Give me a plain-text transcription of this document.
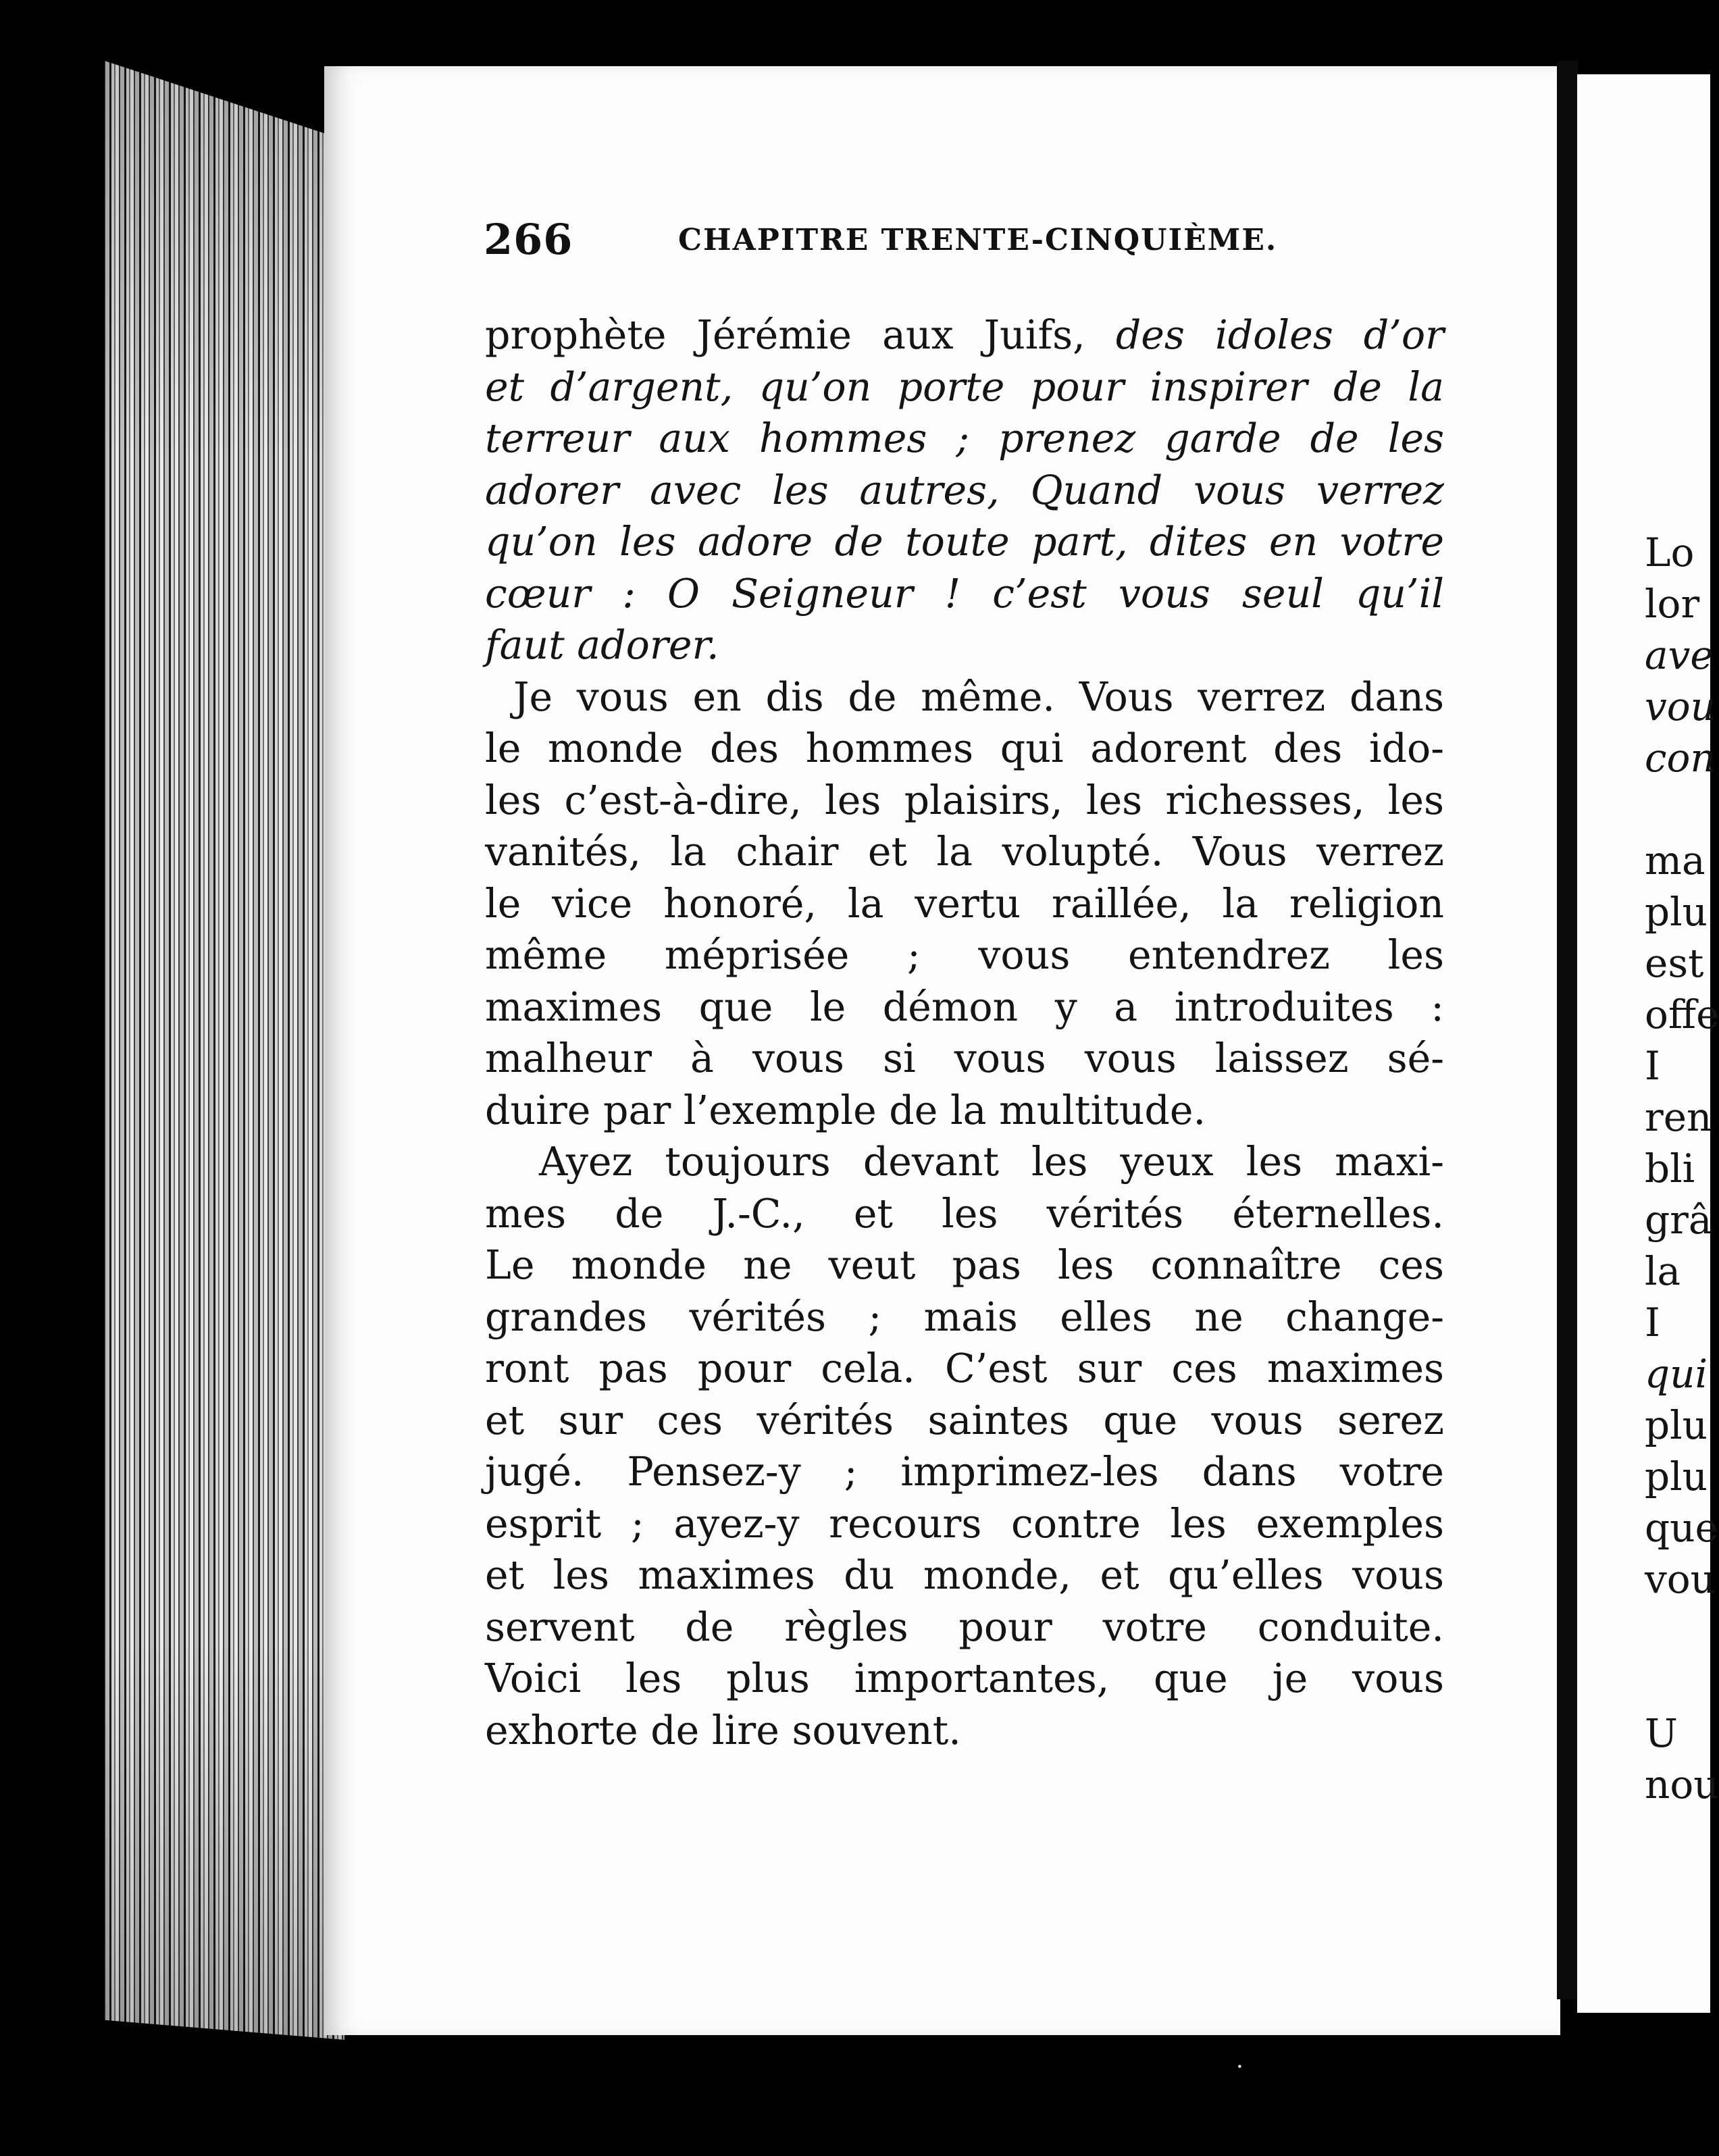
266	CHAPITRE TRENTE-CINQUIÈME.
prophète Jérémie aux Juifs, des idoles d’or
et d’argent, qu’on porte pour inspirer de la
terreur aux hommes ; prenez garde de les
adorer avec les autres, Quand vous verrez
qu’on les adore de toute part, dites en votre
cœur : O Seigneur ! c’est vous seul qu’il
faut adorer.
Je vous en dis de même. Vous verrez dans
le monde des hommes qui adorent des ido-
les c’est-à-dire, les plaisirs, les richesses, les
vanités, la chair et la volupté. Vous verrez
le vice honoré, la vertu raillée, la religion
même méprisée ; vous entendrez les
maximes que le démon y a introduites :
malheur à vous si vous vous laissez sé-
duire par l’exemple de la multitude.
Ayez toujours devant les yeux les maxi-
mes de J.-C., et les vérités éternelles.
Le monde ne veut pas les connaître ces
grandes vérités ; mais elles ne change-
ront pas pour cela. C’est sur ces maximes
et sur ces vérités saintes que vous serez
jugé. Pensez-y ; imprimez-les dans votre
esprit ; ayez-y recours contre les exemples
et les maximes du monde, et qu’elles vous
servent de règles pour votre conduite.
Voici les plus importantes, que je vous
exhorte de lire souvent.
Lo
lor
ave
vou
con
ma
plu
est
offe
I
ren
bli
grâ
la
I
qui
plu
plu
que
vou
U
nou
·
